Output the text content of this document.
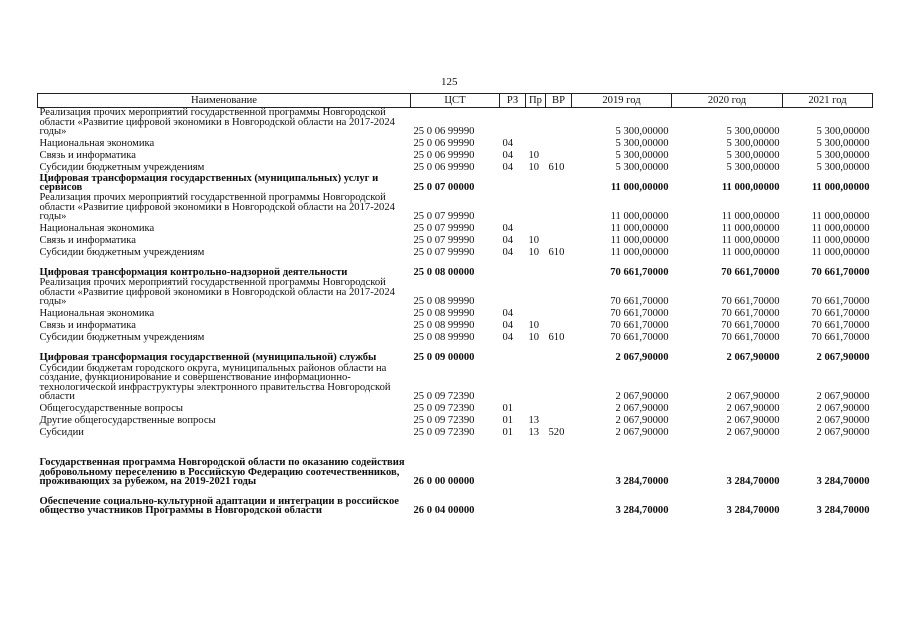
125
Наименование	ЦСТ	РЗ	Пр	ВР	2019 год	2020 год	2021 год
Реализация прочих мероприятий государственной программы Новгородской области «Развитие цифровой экономики в Новгородской области на 2017-2024 годы»	25 0 06 99990				5 300,00000	5 300,00000	5 300,00000
Национальная экономика	25 0 06 99990	04			5 300,00000	5 300,00000	5 300,00000
Связь и информатика	25 0 06 99990	04	10		5 300,00000	5 300,00000	5 300,00000
Субсидии бюджетным учреждениям	25 0 06 99990	04	10	610	5 300,00000	5 300,00000	5 300,00000
Цифровая трансформация государственных (муниципальных) услуг и сервисов	25 0 07 00000				11 000,00000	11 000,00000	11 000,00000
Реализация прочих мероприятий государственной программы Новгородской области «Развитие цифровой экономики в Новгородской области на 2017-2024 годы»	25 0 07 99990				11 000,00000	11 000,00000	11 000,00000
Национальная экономика	25 0 07 99990	04			11 000,00000	11 000,00000	11 000,00000
Связь и информатика	25 0 07 99990	04	10		11 000,00000	11 000,00000	11 000,00000
Субсидии бюджетным учреждениям	25 0 07 99990	04	10	610	11 000,00000	11 000,00000	11 000,00000
Цифровая трансформация контрольно-надзорной деятельности	25 0 08 00000				70 661,70000	70 661,70000	70 661,70000
Реализация прочих мероприятий государственной программы Новгородской области «Развитие цифровой экономики в Новгородской области на 2017-2024 годы»	25 0 08 99990				70 661,70000	70 661,70000	70 661,70000
Национальная экономика	25 0 08 99990	04			70 661,70000	70 661,70000	70 661,70000
Связь и информатика	25 0 08 99990	04	10		70 661,70000	70 661,70000	70 661,70000
Субсидии бюджетным учреждениям	25 0 08 99990	04	10	610	70 661,70000	70 661,70000	70 661,70000
Цифровая трансформация государственной (муниципальной) службы	25 0 09 00000				2 067,90000	2 067,90000	2 067,90000
Субсидии бюджетам городского округа, муниципальных районов области на создание, функционирование и совершенствование информационно-технологической инфраструктуры электронного правительства Новгородской области	25 0 09 72390				2 067,90000	2 067,90000	2 067,90000
Общегосударственные вопросы	25 0 09 72390	01			2 067,90000	2 067,90000	2 067,90000
Другие общегосударственные вопросы	25 0 09 72390	01	13		2 067,90000	2 067,90000	2 067,90000
Субсидии	25 0 09 72390	01	13	520	2 067,90000	2 067,90000	2 067,90000
Государственная программа Новгородской области по оказанию содействия добровольному переселению в Российскую Федерацию соотечественников, проживающих за рубежом, на 2019-2021 годы	26 0 00 00000				3 284,70000	3 284,70000	3 284,70000
Обеспечение социально-культурной адаптации и интеграции в российское общество участников Программы в Новгородской области	26 0 04 00000				3 284,70000	3 284,70000	3 284,70000
